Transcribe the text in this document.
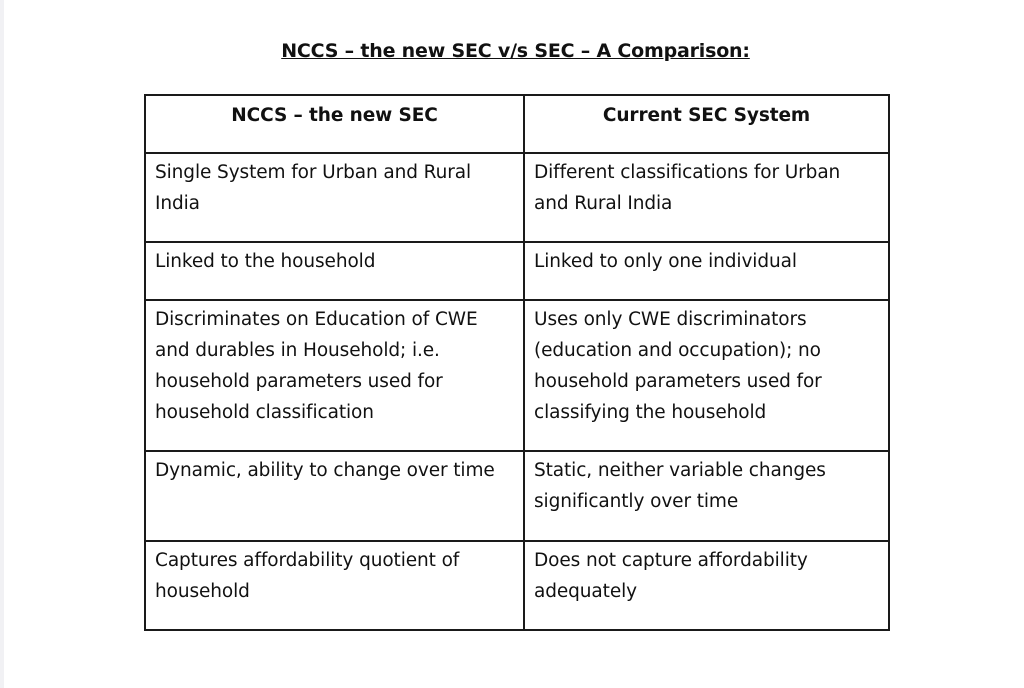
NCCS – the new SEC v/s SEC – A Comparison:
NCCS – the new SEC	Current SEC System
Single System for Urban and Rural India	Different classifications for Urban and Rural India
Linked to the household	Linked to only one individual
Discriminates on Education of CWE and durables in Household; i.e. household parameters used for household classification	Uses only CWE discriminators (education and occupation); no household parameters used for classifying the household
Dynamic, ability to change over time	Static, neither variable changes significantly over time
Captures affordability quotient of household	Does not capture affordability adequately
